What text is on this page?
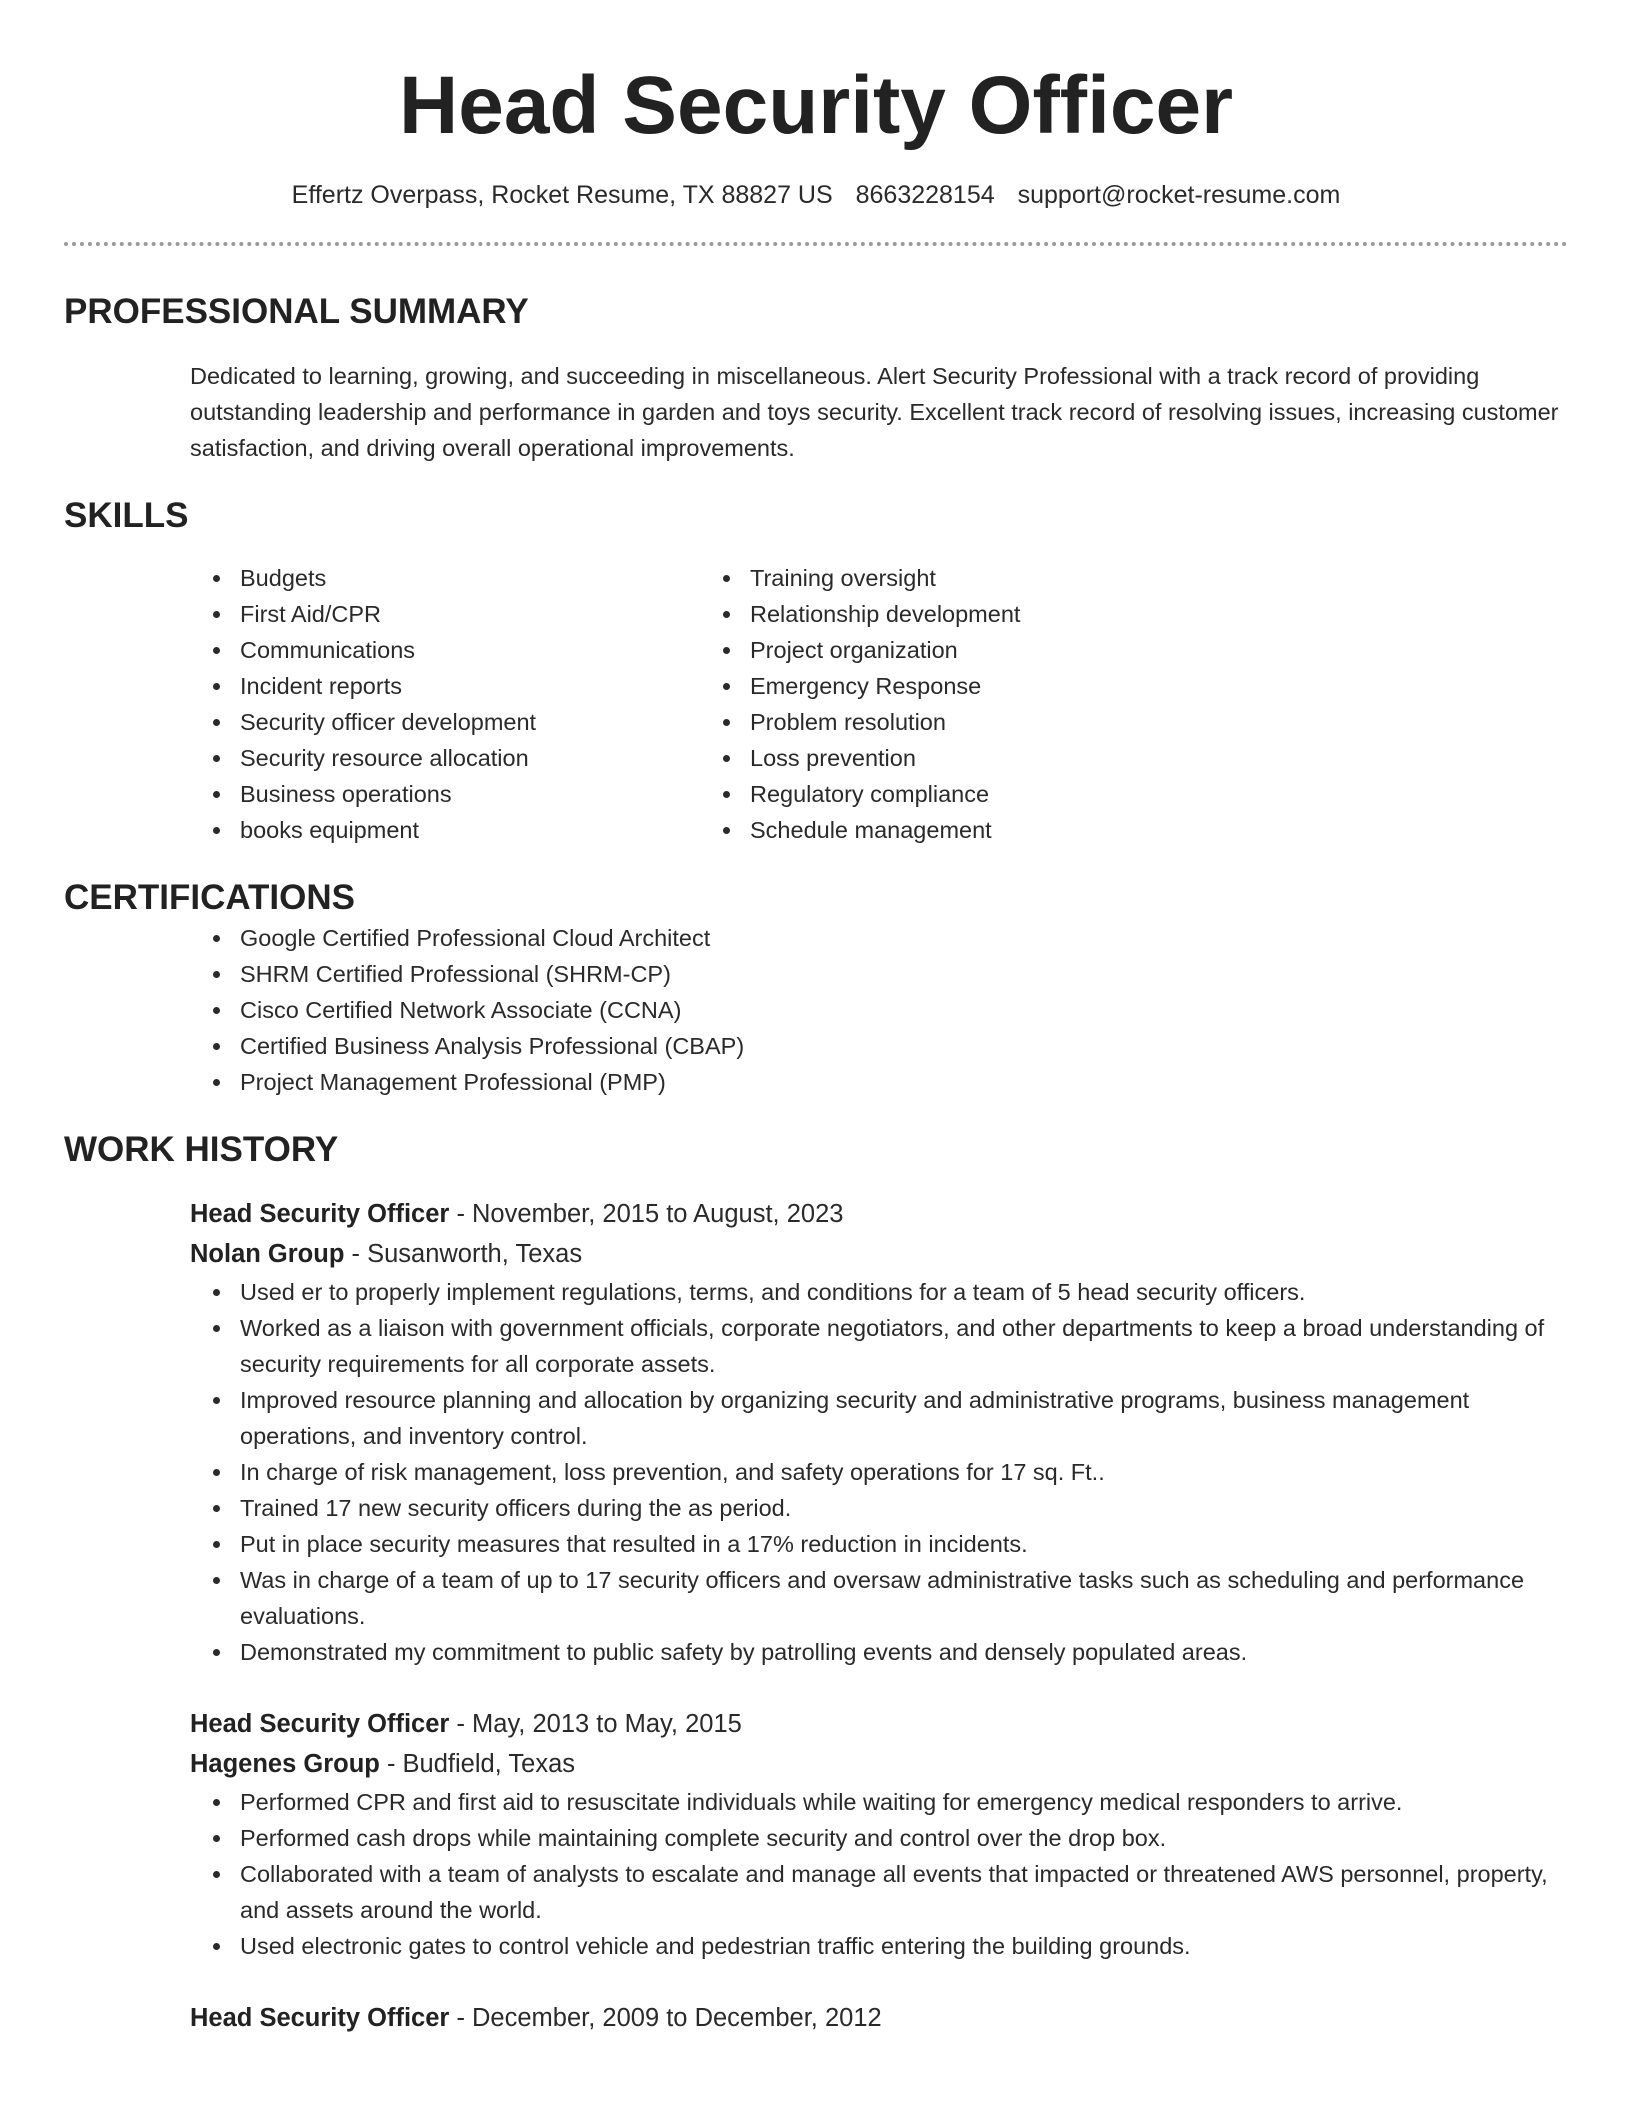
Head Security Officer
Effertz Overpass, Rocket Resume, TX 88827 US 8663228154 support@rocket-resume.com
PROFESSIONAL SUMMARY

Dedicated to learning, growing, and succeeding in miscellaneous. Alert Security Professional with a track record of providing outstanding leadership and performance in garden and toys security. Excellent track record of resolving issues, increasing customer satisfaction, and driving overall operational improvements.

SKILLS
• Budgets
• First Aid/CPR
• Communications
• Incident reports
• Security officer development
• Security resource allocation
• Business operations
• books equipment
• Training oversight
• Relationship development
• Project organization
• Emergency Response
• Problem resolution
• Loss prevention
• Regulatory compliance
• Schedule management
CERTIFICATIONS
• Google Certified Professional Cloud Architect
• SHRM Certified Professional (SHRM-CP)
• Cisco Certified Network Associate (CCNA)
• Certified Business Analysis Professional (CBAP)
• Project Management Professional (PMP)
WORK HISTORY
Head Security Officer - November, 2015 to August, 2023
Nolan Group - Susanworth, Texas
• Used er to properly implement regulations, terms, and conditions for a team of 5 head security officers.
• Worked as a liaison with government officials, corporate negotiators, and other departments to keep a broad understanding of security requirements for all corporate assets.
• Improved resource planning and allocation by organizing security and administrative programs, business management operations, and inventory control.
• In charge of risk management, loss prevention, and safety operations for 17 sq. Ft..
• Trained 17 new security officers during the as period.
• Put in place security measures that resulted in a 17% reduction in incidents.
• Was in charge of a team of up to 17 security officers and oversaw administrative tasks such as scheduling and performance evaluations.
• Demonstrated my commitment to public safety by patrolling events and densely populated areas.
Head Security Officer - May, 2013 to May, 2015
Hagenes Group - Budfield, Texas
• Performed CPR and first aid to resuscitate individuals while waiting for emergency medical responders to arrive.
• Performed cash drops while maintaining complete security and control over the drop box.
• Collaborated with a team of analysts to escalate and manage all events that impacted or threatened AWS personnel, property, and assets around the world.
• Used electronic gates to control vehicle and pedestrian traffic entering the building grounds.
Head Security Officer - December, 2009 to December, 2012
